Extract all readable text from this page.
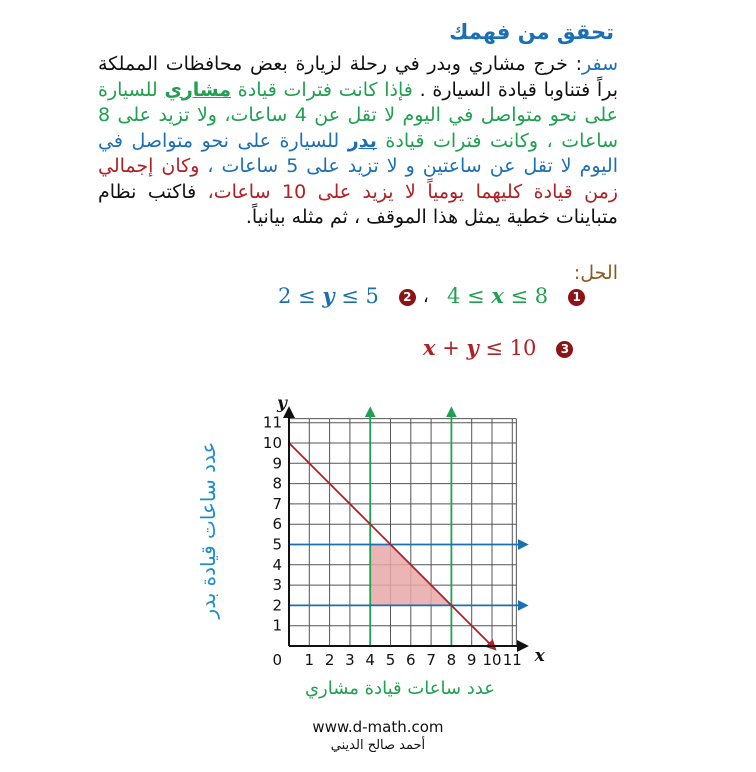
تحقق من فهمك
سفر: خرج مشاري وبدر في رحلة لزيارة بعض محافظات المملكة براً فتناوبا قيادة السيارة . فإذا كانت فترات قيادة مشاري للسيارة على نحو متواصل في اليوم لا تقل عن 4 ساعات، ولا تزيد على 8 ساعات ، وكانت فترات قيادة بدر للسيارة على نحو متواصل في اليوم لا تقل عن ساعتين و لا تزيد على 5 ساعات ، وكان إجمالي زمن قيادة كليهما يومياً لا يزيد على 10 ساعات، فاكتب نظام متباينات خطية يمثل هذا الموقف ، ثم مثله بيانياً.
الحل:
4 ≤ x ≤ 8 1
،
2 ≤ y ≤ 5 2
x + y ≤ 10 3
1 2 3 4 5 6 7 8 9 10 11
1
2
3
4
5
6
7
8
9
10
11
0	x
y
عدد ساعات قيادة بدر
عدد ساعات قيادة مشاري
www.d-math.com
أحمد صالح الديني
